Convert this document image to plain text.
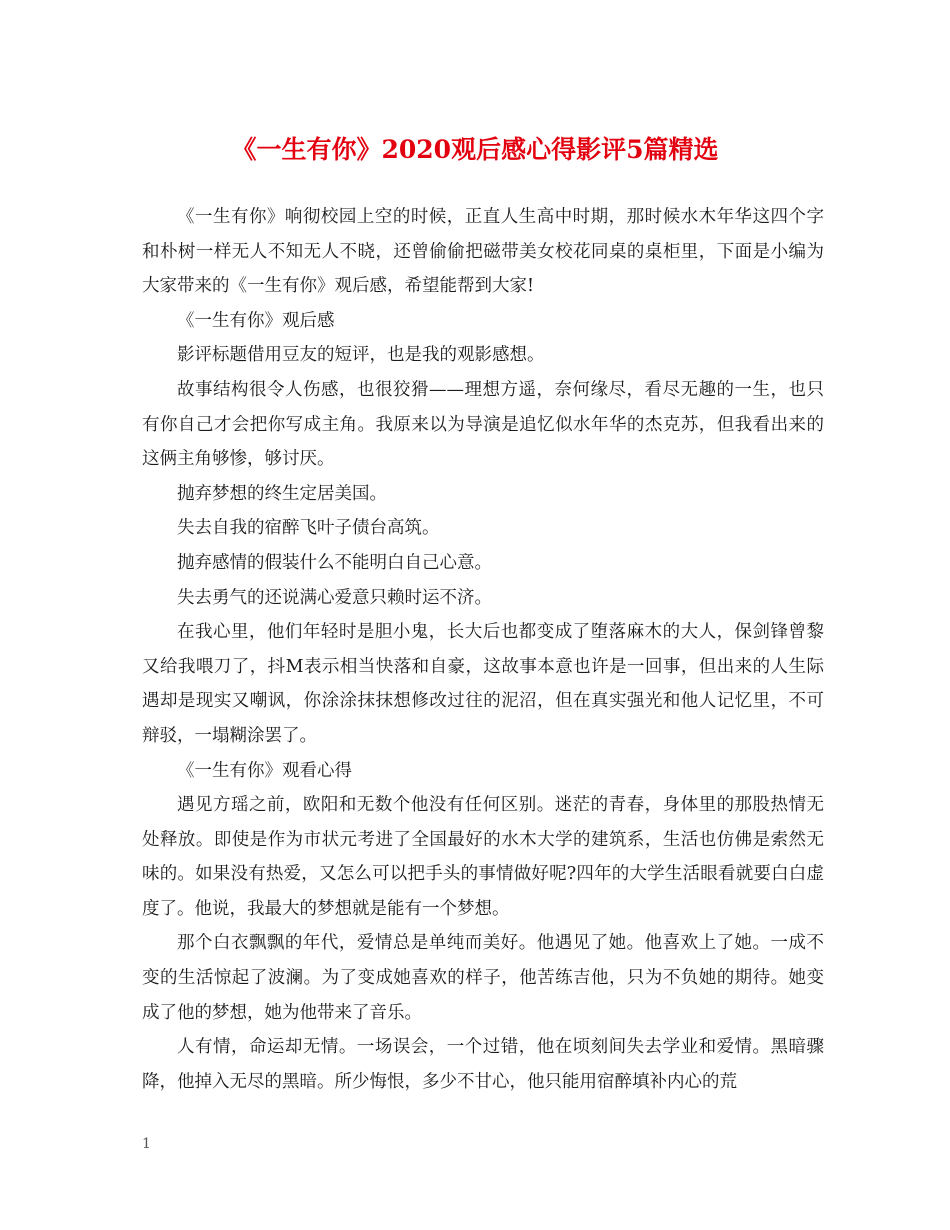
《一生有你》2020观后感心得影评5篇精选

《一生有你》响彻校园上空的时候，正直人生高中时期，那时候水木年华这四个字和朴树一样无人不知无人不晓，还曾偷偷把磁带美女校花同桌的桌柜里，下面是小编为大家带来的《一生有你》观后感，希望能帮到大家!

《一生有你》观后感

影评标题借用豆友的短评，也是我的观影感想。

故事结构很令人伤感，也很狡猾——理想方遥，奈何缘尽，看尽无趣的一生，也只有你自己才会把你写成主角。我原来以为导演是追忆似水年华的杰克苏，但我看出来的这俩主角够惨，够讨厌。

抛弃梦想的终生定居美国。

失去自我的宿醉飞叶子债台高筑。

抛弃感情的假装什么不能明白自己心意。

失去勇气的还说满心爱意只赖时运不济。

在我心里，他们年轻时是胆小鬼，长大后也都变成了堕落麻木的大人，保剑锋曾黎又给我喂刀了，抖M表示相当快落和自豪，这故事本意也许是一回事，但出来的人生际遇却是现实又嘲讽，你涂涂抹抹想修改过往的泥沼，但在真实强光和他人记忆里，不可辩驳，一塌糊涂罢了。

《一生有你》观看心得

遇见方瑶之前，欧阳和无数个他没有任何区别。迷茫的青春，身体里的那股热情无处释放。即使是作为市状元考进了全国最好的水木大学的建筑系，生活也仿佛是索然无味的。如果没有热爱，又怎么可以把手头的事情做好呢?四年的大学生活眼看就要白白虚度了。他说，我最大的梦想就是能有一个梦想。

那个白衣飘飘的年代，爱情总是单纯而美好。他遇见了她。他喜欢上了她。一成不变的生活惊起了波澜。为了变成她喜欢的样子，他苦练吉他，只为不负她的期待。她变成了他的梦想，她为他带来了音乐。

人有情，命运却无情。一场误会，一个过错，他在顷刻间失去学业和爱情。黑暗骤降，他掉入无尽的黑暗。所少悔恨，多少不甘心，他只能用宿醉填补内心的荒

1
